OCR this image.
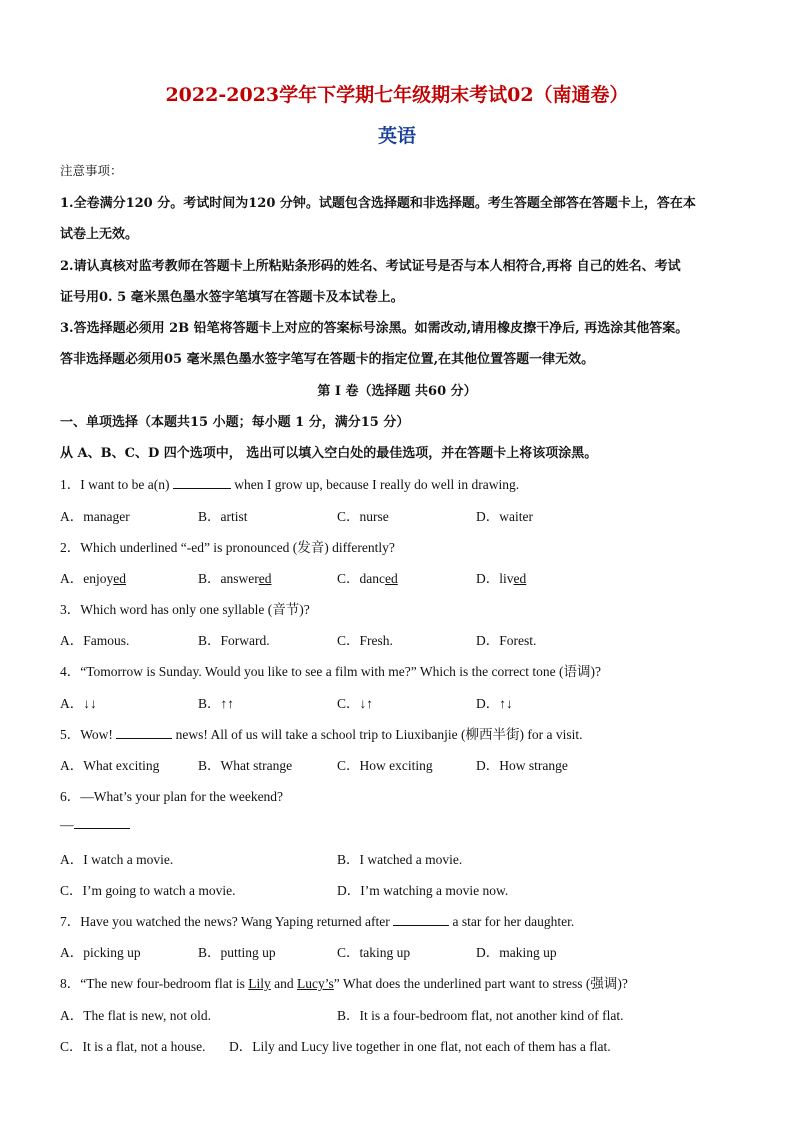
2022-2023学年下学期七年级期末考试02（南通卷）
英语
注意事项：
1.全卷满分120 分。考试时间为120 分钟。试题包含选择题和非选择题。考生答题全部答在答题卡上，答在本
试卷上无效。
2.请认真核对监考教师在答题卡上所粘贴条形码的姓名、考试证号是否与本人相符合,再将 自己的姓名、考试
证号用0. 5 毫米黑色墨水签字笔填写在答题卡及本试卷上。
3.答选择题必须用 2B 铅笔将答题卡上对应的答案标号涂黑。如需改动,请用橡皮擦干净后, 再选涂其他答案。
答非选择题必须用05 毫米黑色墨水签字笔写在答题卡的指定位置,在其他位置答题一律无效。
第 I 卷（选择题 共60 分）
一、单项选择（本题共15 小题；每小题 1 分，满分15 分）
从 A、B、C、D 四个选项中， 选出可以填入空白处的最佳选项，并在答题卡上将该项涂黑。
1．I want to be a(n)	when I grow up, because I really do well in drawing.
A．manager	B．artist	C．nurse	D．waiter
2．Which underlined “-ed” is pronounced (发音) differently?
A．enjoyed	B．answered	C．danced	D．lived
3．Which word has only one syllable (音节)?
A．Famous.	B．Forward.	C．Fresh.	D．Forest.
4．“Tomorrow is Sunday. Would you like to see a film with me?” Which is the correct tone (语调)?
A．↓↓	B．↑↑	C．↓↑	D．↑↓
5．Wow!	news! All of us will take a school trip to Liuxibanjie (柳西半街) for a visit.
A．What exciting	B．What strange	C．How exciting	D．How strange
6．—What’s your plan for the weekend?
—
A．I watch a movie.	B．I watched a movie.
C．I’m going to watch a movie.	D．I’m watching a movie now.
7．Have you watched the news? Wang Yaping returned after	a star for her daughter.
A．picking up	B．putting up	C．taking up	D．making up
8．“The new four-bedroom flat is Lily and Lucy’s” What does the underlined part want to stress (强调)?
A．The flat is new, not old.	B．It is a four-bedroom flat, not another kind of flat.
C．It is a flat, not a house. D．Lily and Lucy live together in one flat, not each of them has a flat.
